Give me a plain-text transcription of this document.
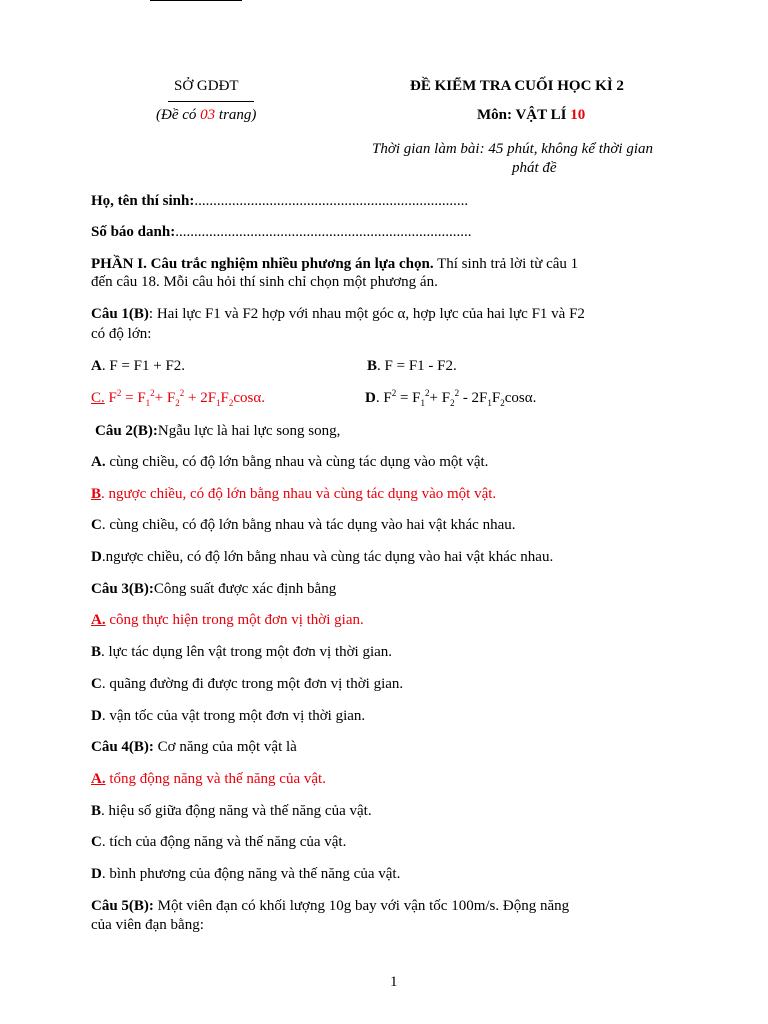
SỞ GDĐT
(Đề có 03 trang)
ĐỀ KIỂM TRA CUỐI HỌC KÌ 2
Môn: VẬT LÍ 10
Thời gian làm bài: 45 phút, không kể thời gian
phát đề
Họ, tên thí sinh:.........................................................................
Số báo danh:...............................................................................
PHẦN I. Câu trắc nghiệm nhiều phương án lựa chọn. Thí sinh trả lời từ câu 1
đến câu 18. Mỗi câu hỏi thí sinh chỉ chọn một phương án.
Câu 1(B): Hai lực F1 và F2 hợp với nhau một góc α, hợp lực của hai lực F1 và F2
có độ lớn:
A. F = F1 + F2.	B. F = F1 - F2.
C. $F^2 = F_1^2+ F_2^2 + 2F_1F_2\cos\alpha$.	D. $F^2 = F_1^2+ F_2^2 - 2F_1F_2\cos\alpha$.
Câu 2(B):Ngẫu lực là hai lực song song,
A. cùng chiều, có độ lớn bằng nhau và cùng tác dụng vào một vật.
B. ngược chiều, có độ lớn bằng nhau và cùng tác dụng vào một vật.
C. cùng chiều, có độ lớn bằng nhau và tác dụng vào hai vật khác nhau.
D.ngược chiều, có độ lớn bằng nhau và cùng tác dụng vào hai vật khác nhau.
Câu 3(B):Công suất được xác định bằng
A. công thực hiện trong một đơn vị thời gian.
B. lực tác dụng lên vật trong một đơn vị thời gian.
C. quãng đường đi được trong một đơn vị thời gian.
D. vận tốc của vật trong một đơn vị thời gian.
Câu 4(B): Cơ năng của một vật là
A. tổng động năng và thế năng của vật.
B. hiệu số giữa động năng và thế năng của vật.
C. tích của động năng và thế năng của vật.
D. bình phương của động năng và thế năng của vật.
Câu 5(B): Một viên đạn có khối lượng 10g bay với vận tốc 100m/s. Động năng
của viên đạn bằng:
1
